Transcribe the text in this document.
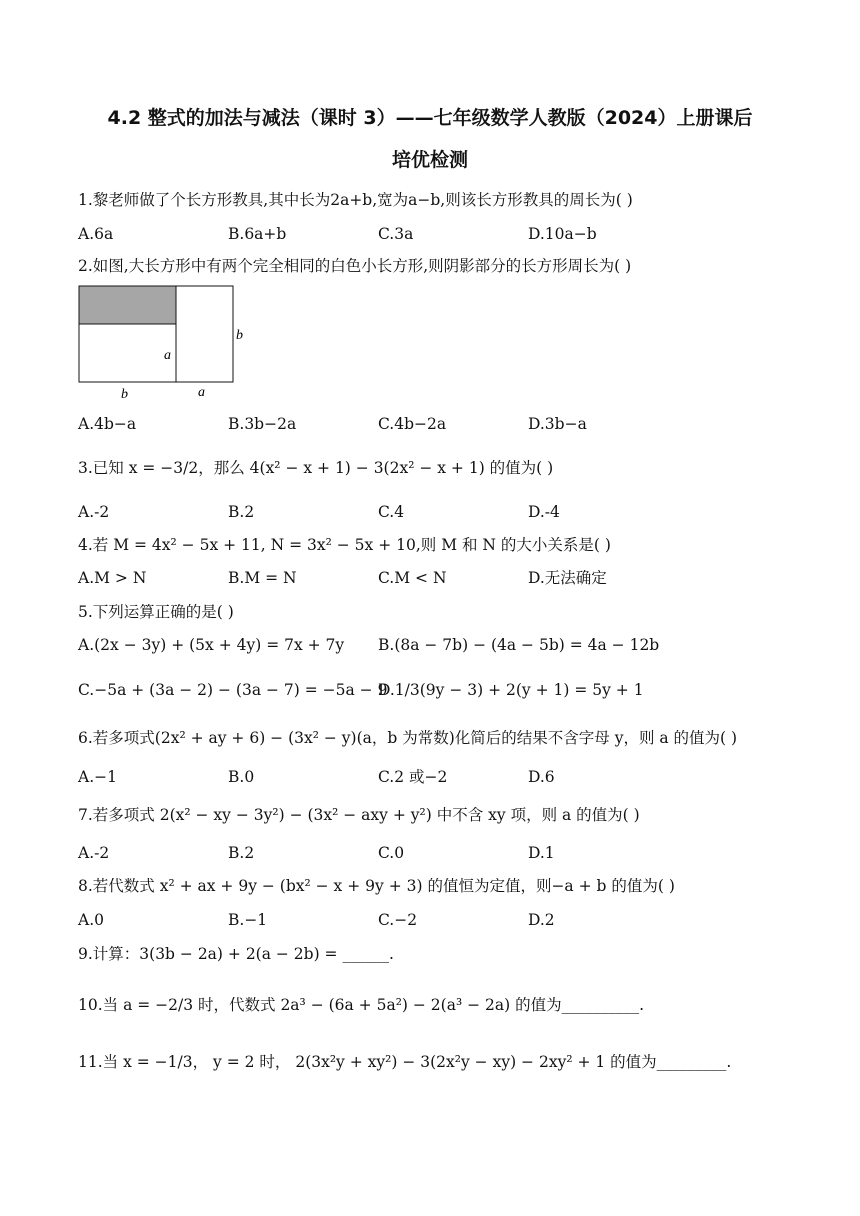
4.2 整式的加法与减法（课时 3）——七年级数学人教版（2024）上册课后
培优检测
1.黎老师做了个长方形教具,其中长为2a+b,宽为a−b,则该长方形教具的周长为( )
A.6a	B.6a+b	C.3a	D.10a−b
2.如图,大长方形中有两个完全相同的白色小长方形,则阴影部分的长方形周长为( )
b
a
b	a
A.4b−a	B.3b−2a	C.4b−2a	D.3b−a
3.已知 x = −3/2，那么 4(x² − x + 1) − 3(2x² − x + 1) 的值为( )
A.-2	B.2	C.4	D.-4
4.若 M = 4x² − 5x + 11, N = 3x² − 5x + 10,则 M 和 N 的大小关系是( )
A.M > N	B.M = N	C.M < N	D.无法确定
5.下列运算正确的是( )
A.(2x − 3y) + (5x + 4y) = 7x + 7y B.(8a − 7b) − (4a − 5b) = 4a − 12b
C.−5a + (3a − 2) − (3a − 7) = −5a − 9
D.1/3(9y − 3) + 2(y + 1) = 5y + 1
6.若多项式(2x² + ay + 6) − (3x² − y)(a，b 为常数)化简后的结果不含字母 y，则 a 的值为( )
A.−1	B.0	C.2 或−2	D.6
7.若多项式 2(x² − xy − 3y²) − (3x² − axy + y²) 中不含 xy 项，则 a 的值为( )
A.-2	B.2	C.0	D.1
8.若代数式 x² + ax + 9y − (bx² − x + 9y + 3) 的值恒为定值，则−a + b 的值为( )
A.0	B.−1	C.−2	D.2
9.计算：3(3b − 2a) + 2(a − 2b) = ______.
10.当 a = −2/3 时，代数式 2a³ − (6a + 5a²) − 2(a³ − 2a) 的值为__________.
11.当 x = −1/3， y = 2 时， 2(3x²y + xy²) − 3(2x²y − xy) − 2xy² + 1 的值为_________.
